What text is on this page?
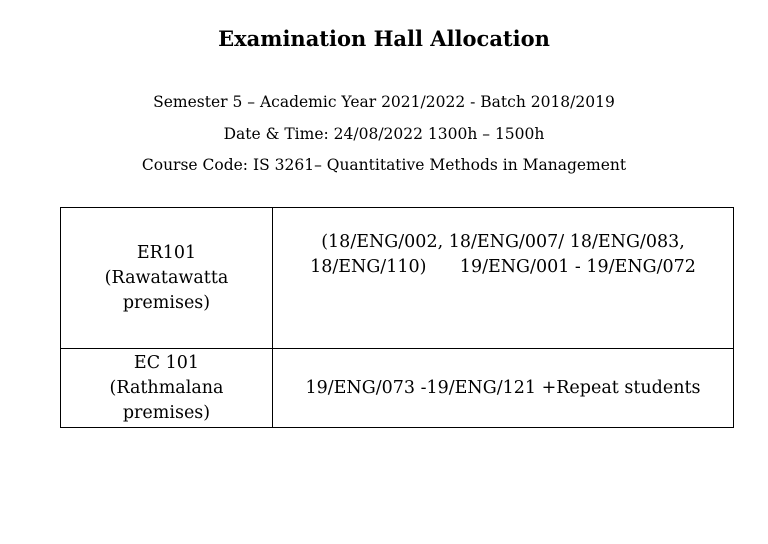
Examination Hall Allocation
Semester 5 – Academic Year 2021/2022 - Batch 2018/2019
Date & Time: 24/08/2022 1300h – 1500h
Course Code: IS 3261– Quantitative Methods in Management
ER101
(Rawatawatta premises)	(18/ENG/002, 18/ENG/007/ 18/ENG/083, 18/ENG/110)      19/ENG/001 - 19/ENG/072

EC 101
(Rathmalana premises)	19/ENG/073 -19/ENG/121 +Repeat students
